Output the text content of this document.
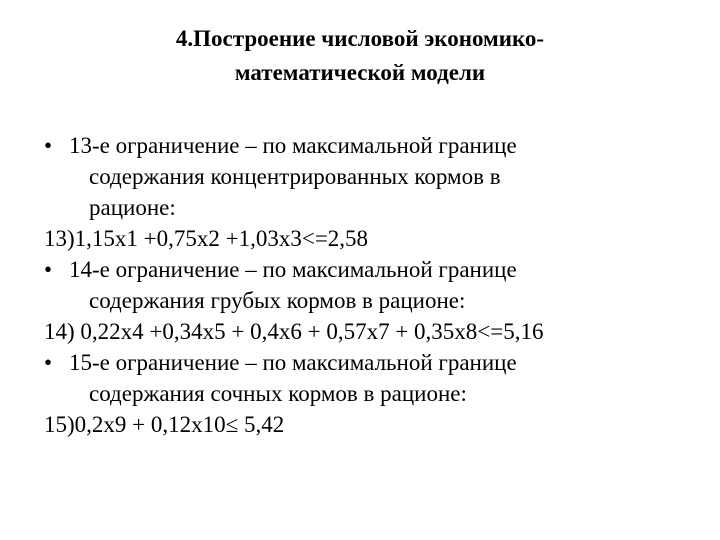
4.Построение числовой экономико-
математической модели
• 13-е ограничение – по максимальной границе
содержания концентрированных кормов в
рационе:
13)1,15х1 +0,75х2 +1,03х3<=2,58
• 14-е ограничение – по максимальной границе
содержания грубых кормов в рационе:
14) 0,22х4 +0,34х5 + 0,4х6 + 0,57х7 + 0,35х8<=5,16
• 15-е ограничение – по максимальной границе
содержания сочных кормов в рационе:
15)0,2х9 + 0,12х10≤ 5,42
